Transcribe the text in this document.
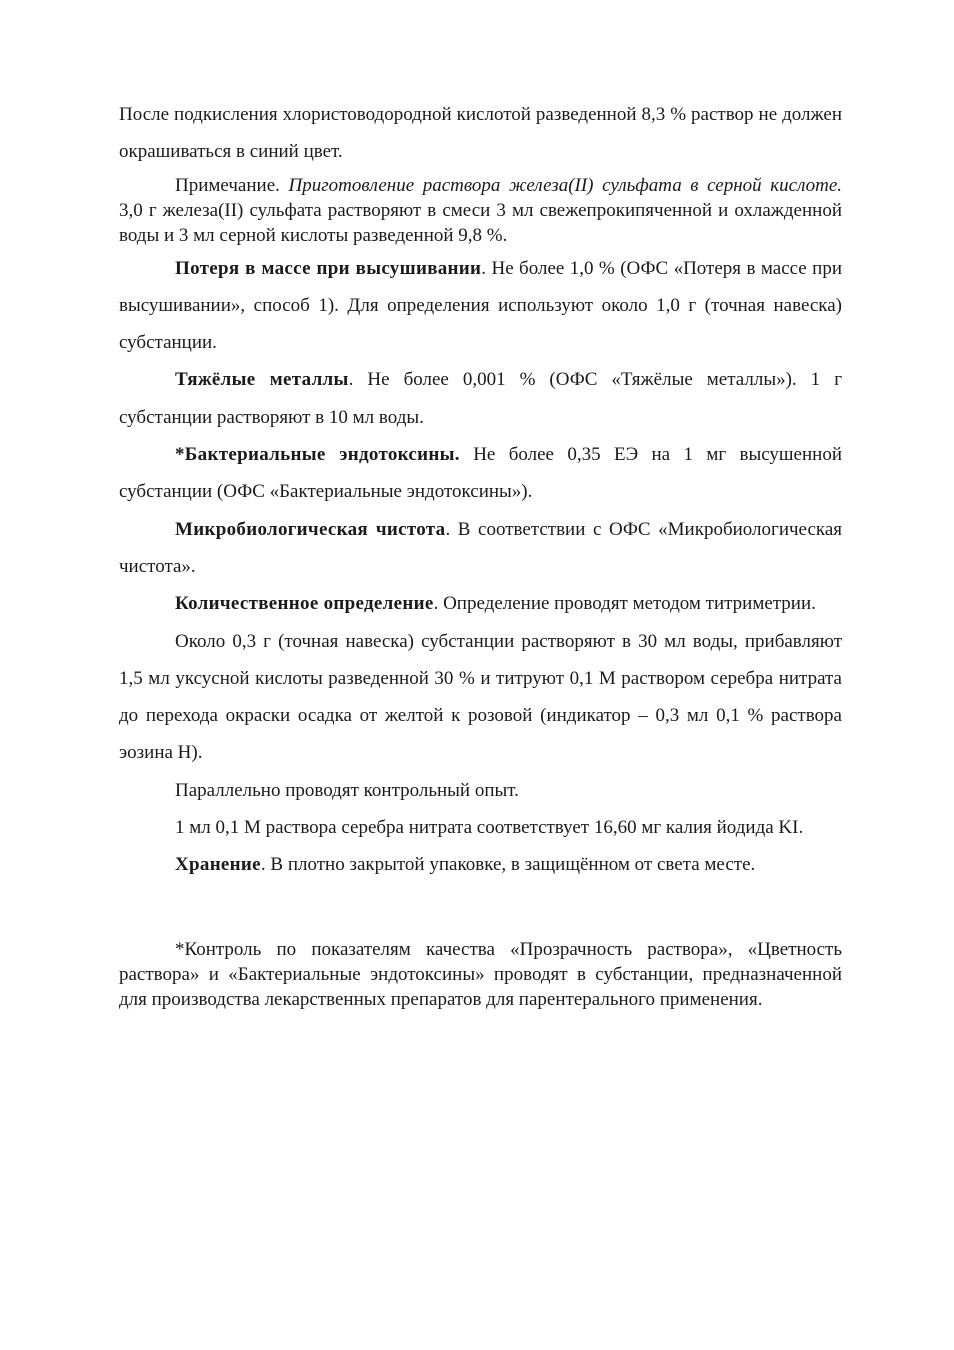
После подкисления хлористоводородной кислотой разведенной 8,3 % раствор не должен окрашиваться в синий цвет.

Примечание. Приготовление раствора железа(II) сульфата в серной кислоте. 3,0 г железа(II) сульфата растворяют в смеси 3 мл свежепрокипяченной и охлажденной воды и 3 мл серной кислоты разведенной 9,8 %.

Потеря в массе при высушивании. Не более 1,0 % (ОФС «Потеря в массе при высушивании», способ 1). Для определения используют около 1,0 г (точная навеска) субстанции.

Тяжёлые металлы. Не более 0,001 % (ОФС «Тяжёлые металлы»). 1 г субстанции растворяют в 10 мл воды.

*Бактериальные эндотоксины. Не более 0,35 ЕЭ на 1 мг высушенной субстанции (ОФС «Бактериальные эндотоксины»).

Микробиологическая чистота. В соответствии с ОФС «Микробиологическая чистота».

Количественное определение. Определение проводят методом титриметрии.

Около 0,3 г (точная навеска) субстанции растворяют в 30 мл воды, прибавляют 1,5 мл уксусной кислоты разведенной 30 % и титруют 0,1 М раствором серебра нитрата до перехода окраски осадка от желтой к розовой (индикатор – 0,3 мл 0,1 % раствора эозина Н).

Параллельно проводят контрольный опыт.

1 мл 0,1 М раствора серебра нитрата соответствует 16,60 мг калия йодида KI.

Хранение. В плотно закрытой упаковке, в защищённом от света месте.

*Контроль по показателям качества «Прозрачность раствора», «Цветность раствора» и «Бактериальные эндотоксины» проводят в субстанции, предназначенной для производства лекарственных препаратов для парентерального применения.
